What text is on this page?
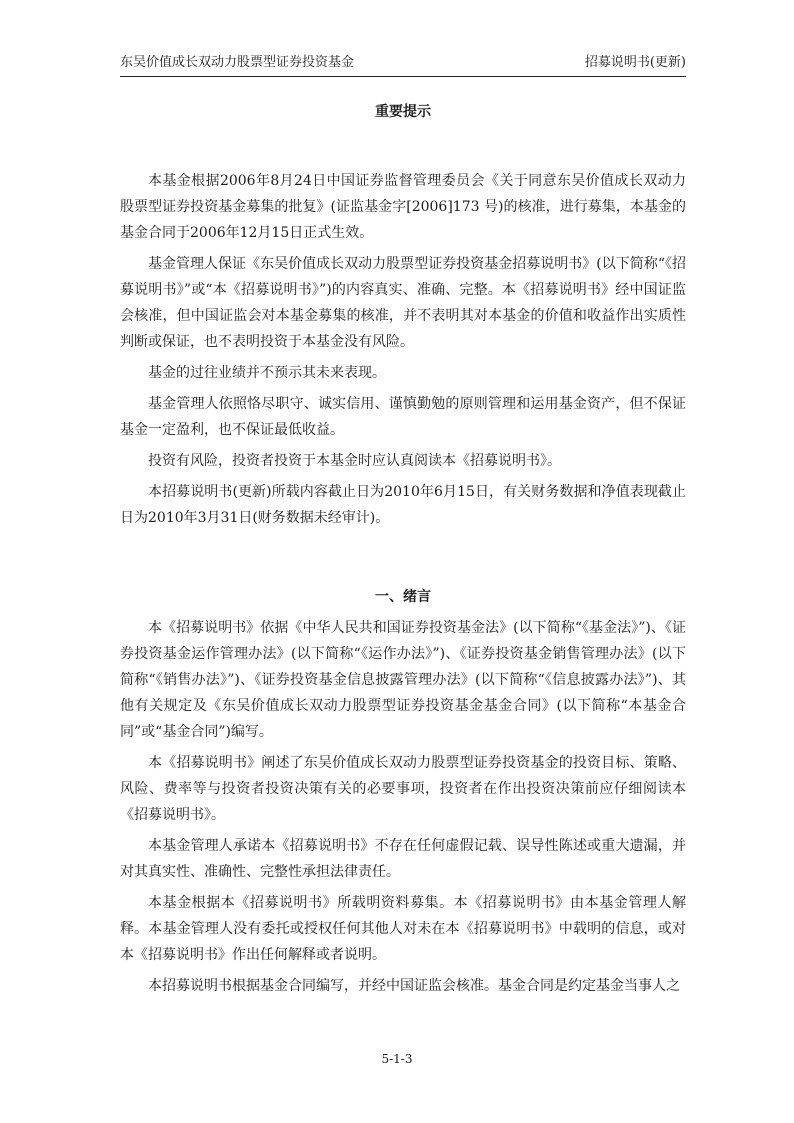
东吴价值成长双动力股票型证券投资基金	招募说明书(更新)
重要提示

本基金根据2006年8月24日中国证券监督管理委员会《关于同意东吴价值成长双动力股票型证券投资基金募集的批复》(证监基金字[2006]173 号)的核准，进行募集，本基金的基金合同于2006年12月15日正式生效。

基金管理人保证《东吴价值成长双动力股票型证券投资基金招募说明书》(以下简称“《招募说明书》”或“本《招募说明书》”)的内容真实、准确、完整。本《招募说明书》经中国证监会核准，但中国证监会对本基金募集的核准，并不表明其对本基金的价值和收益作出实质性判断或保证，也不表明投资于本基金没有风险。

基金的过往业绩并不预示其未来表现。

基金管理人依照恪尽职守、诚实信用、谨慎勤勉的原则管理和运用基金资产，但不保证基金一定盈利，也不保证最低收益。

投资有风险，投资者投资于本基金时应认真阅读本《招募说明书》。

本招募说明书(更新)所载内容截止日为2010年6月15日，有关财务数据和净值表现截止日为2010年3月31日(财务数据未经审计)。

一、绪言

本《招募说明书》依据《中华人民共和国证券投资基金法》(以下简称“《基金法》”)、《证券投资基金运作管理办法》(以下简称“《运作办法》”)、《证券投资基金销售管理办法》(以下简称“《销售办法》”)、《证券投资基金信息披露管理办法》(以下简称“《信息披露办法》”)、其他有关规定及《东吴价值成长双动力股票型证券投资基金基金合同》(以下简称“本基金合同”或“基金合同”)编写。

本《招募说明书》阐述了东吴价值成长双动力股票型证券投资基金的投资目标、策略、风险、费率等与投资者投资决策有关的必要事项，投资者在作出投资决策前应仔细阅读本《招募说明书》。

本基金管理人承诺本《招募说明书》不存在任何虚假记载、误导性陈述或重大遗漏，并对其真实性、准确性、完整性承担法律责任。

本基金根据本《招募说明书》所载明资料募集。本《招募说明书》由本基金管理人解释。本基金管理人没有委托或授权任何其他人对未在本《招募说明书》中载明的信息，或对本《招募说明书》作出任何解释或者说明。

本招募说明书根据基金合同编写，并经中国证监会核准。基金合同是约定基金当事人之

5-1-3
